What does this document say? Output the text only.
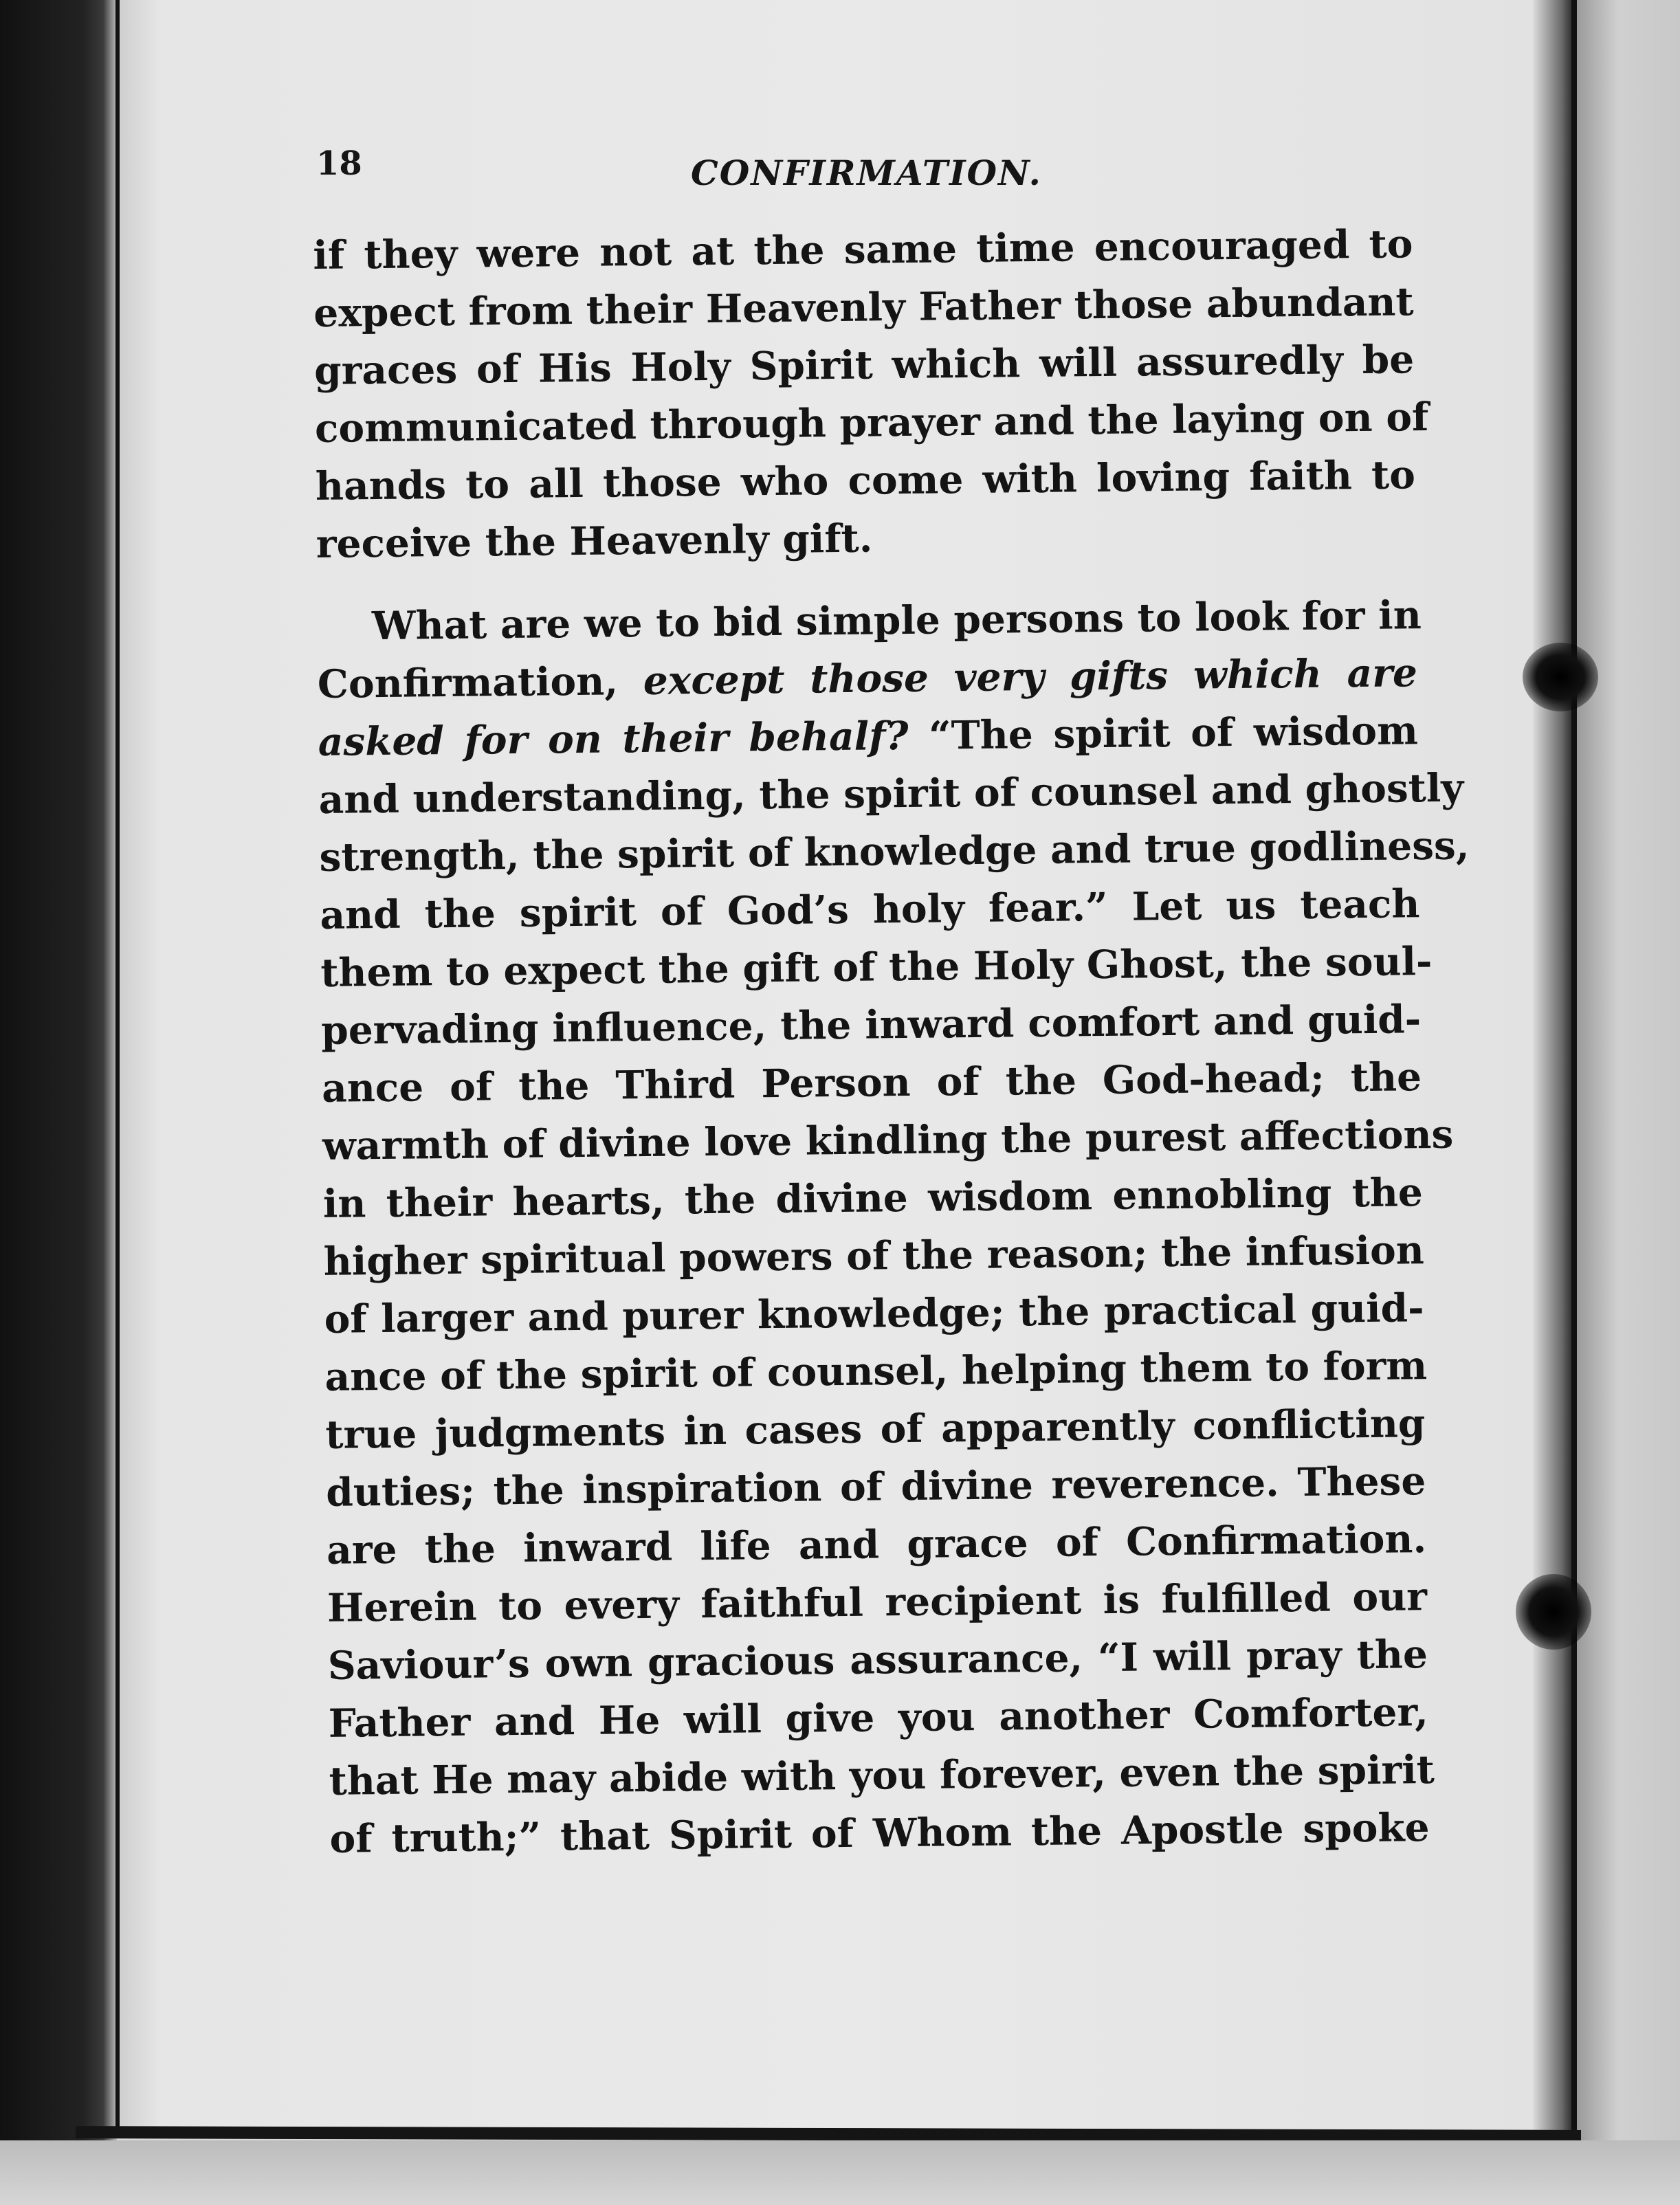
18	CONFIRMATION.
if they were not at the same time encouraged to
expect from their Heavenly Father those abundant
graces of His Holy Spirit which will assuredly be
communicated through prayer and the laying on of
hands to all those who come with loving faith to
receive the Heavenly gift.
What are we to bid simple persons to look for in
Confirmation, except those very gifts which are
asked for on their behalf? “The spirit of wisdom
and understanding, the spirit of counsel and ghostly
strength, the spirit of knowledge and true godliness,
and the spirit of God’s holy fear.” Let us teach
them to expect the gift of the Holy Ghost, the soul-
pervading influence, the inward comfort and guid-
ance of the Third Person of the God-head; the
warmth of divine love kindling the purest affections
in their hearts, the divine wisdom ennobling the
higher spiritual powers of the reason; the infusion
of larger and purer knowledge; the practical guid-
ance of the spirit of counsel, helping them to form
true judgments in cases of apparently conflicting
duties; the inspiration of divine reverence. These
are the inward life and grace of Confirmation.
Herein to every faithful recipient is fulfilled our
Saviour’s own gracious assurance, “I will pray the
Father and He will give you another Comforter,
that He may abide with you forever, even the spirit
of truth;” that Spirit of Whom the Apostle spoke
